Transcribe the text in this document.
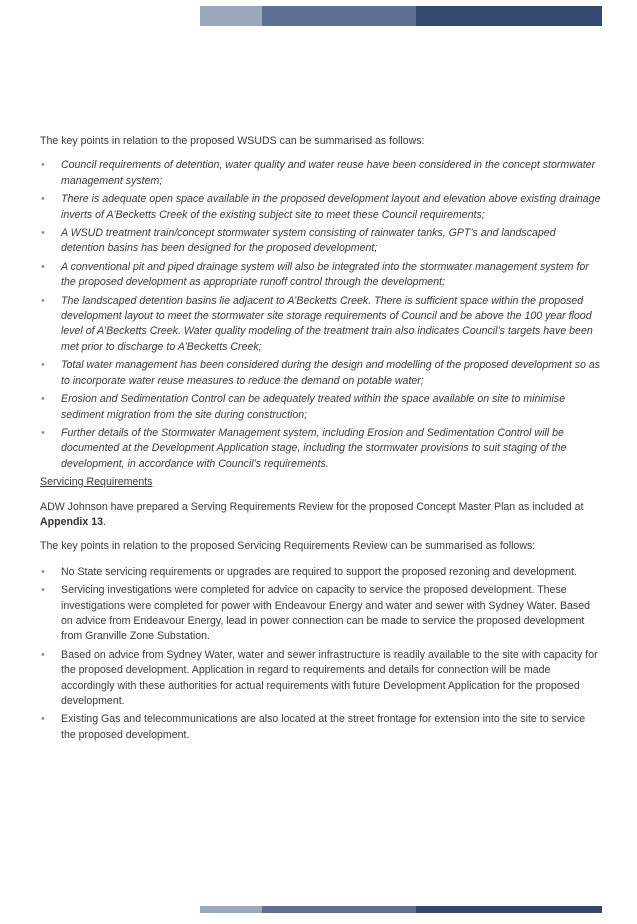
The key points in relation to the proposed WSUDS can be summarised as follows:

• Council requirements of detention, water quality and water reuse have been considered in the concept stormwater management system;
• There is adequate open space available in the proposed development layout and elevation above existing drainage inverts of A’Becketts Creek of the existing subject site to meet these Council requirements;
• A WSUD treatment train/concept stormwater system consisting of rainwater tanks, GPT’s and landscaped detention basins has been designed for the proposed development;
• A conventional pit and piped drainage system will also be integrated into the stormwater management system for the proposed development as appropriate runoff control through the development;
• The landscaped detention basins lie adjacent to A’Becketts Creek. There is sufficient space within the proposed development layout to meet the stormwater site storage requirements of Council and be above the 100 year flood level of A’Becketts Creek. Water quality modeling of the treatment train also indicates Council’s targets have been met prior to discharge to A’Becketts Creek;
• Total water management has been considered during the design and modelling of the proposed development so as to incorporate water reuse measures to reduce the demand on potable water;
• Erosion and Sedimentation Control can be adequately treated within the space available on site to minimise sediment migration from the site during construction;
• Further details of the Stormwater Management system, including Erosion and Sedimentation Control will be documented at the Development Application stage, including the stormwater provisions to suit staging of the development, in accordance with Council’s requirements.

Servicing Requirements

ADW Johnson have prepared a Serving Requirements Review for the proposed Concept Master Plan as included at Appendix 13.

The key points in relation to the proposed Servicing Requirements Review can be summarised as follows:

• No State servicing requirements or upgrades are required to support the proposed rezoning and development.
• Servicing investigations were completed for advice on capacity to service the proposed development. These investigations were completed for power with Endeavour Energy and water and sewer with Sydney Water. Based on advice from Endeavour Energy, lead in power connection can be made to service the proposed development from Granville Zone Substation.
• Based on advice from Sydney Water, water and sewer infrastructure is readily available to the site with capacity for the proposed development. Application in regard to requirements and details for connection will be made accordingly with these authorities for actual requirements with future Development Application for the proposed development.
• Existing Gas and telecommunications are also located at the street frontage for extension into the site to service the proposed development.
